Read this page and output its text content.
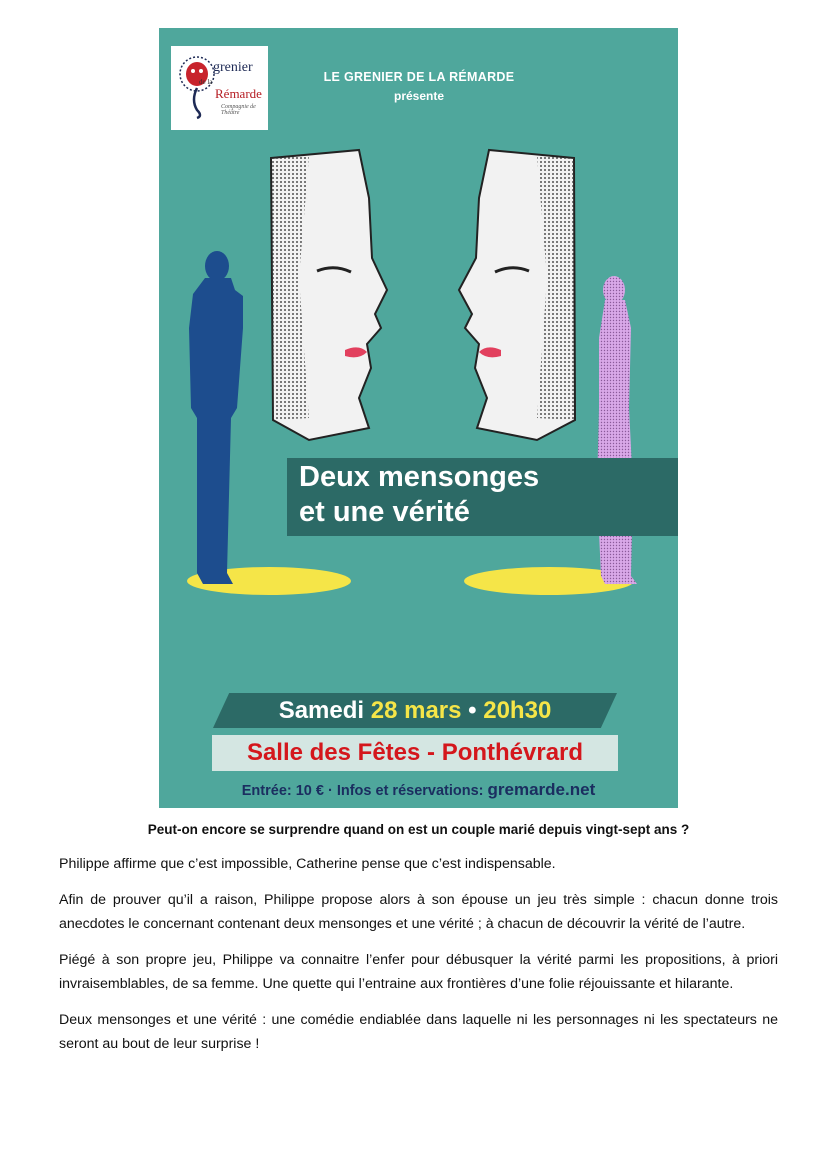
de la
grenier
Rémarde
Compagnie de Théâtre
LE GRENIER DE LA RÉMARDE
présente
Deux mensonges
et une vérité
Samedi 28 mars • 20h30
Salle des Fêtes - Ponthévrard
Entrée: 10 € · Infos et réservations: gremarde.net

Peut-on encore se surprendre quand on est un couple marié depuis vingt-sept ans ?

Philippe affirme que c’est impossible, Catherine pense que c’est indispensable.

Afin de prouver qu’il a raison, Philippe propose alors à son épouse un jeu très simple : chacun donne trois anecdotes le concernant contenant deux mensonges et une vérité ; à chacun de découvrir la vérité de l’autre.

Piégé à son propre jeu, Philippe va connaitre l’enfer pour débusquer la vérité parmi les propositions, à priori invraisemblables, de sa femme. Une quette qui l’entraine aux frontières d’une folie réjouissante et hilarante.

Deux mensonges et une vérité : une comédie endiablée dans laquelle ni les personnages ni les spectateurs ne seront au bout de leur surprise !
